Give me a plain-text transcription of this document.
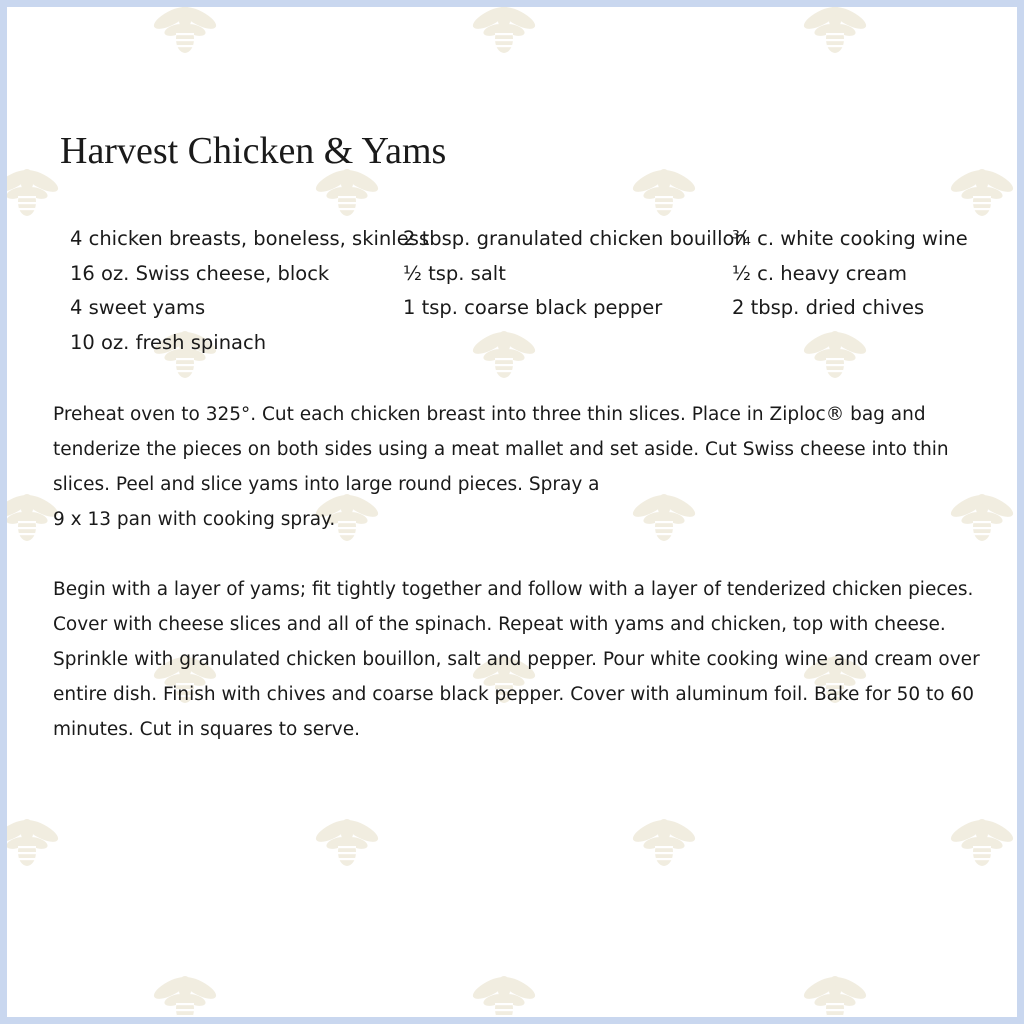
Harvest Chicken & Yams
4 chicken breasts, boneless, skinless
16 oz. Swiss cheese, block
4 sweet yams
10 oz. fresh spinach
2 tbsp. granulated chicken bouillon
½ tsp. salt
1 tsp. coarse black pepper
¾ c. white cooking wine
½ c. heavy cream
2 tbsp. dried chives

Preheat oven to 325°. Cut each chicken breast into three thin slices. Place in Ziploc® bag and tenderize the pieces on both sides using a meat mallet and set aside. Cut Swiss cheese into thin slices. Peel and slice yams into large round pieces. Spray a
9 x 13 pan with cooking spray.

Begin with a layer of yams; fit tightly together and follow with a layer of tenderized chicken pieces. Cover with cheese slices and all of the spinach. Repeat with yams and chicken, top with cheese. Sprinkle with granulated chicken bouillon, salt and pepper. Pour white cooking wine and cream over entire dish. Finish with chives and coarse black pepper. Cover with aluminum foil. Bake for 50 to 60 minutes. Cut in squares to serve.
